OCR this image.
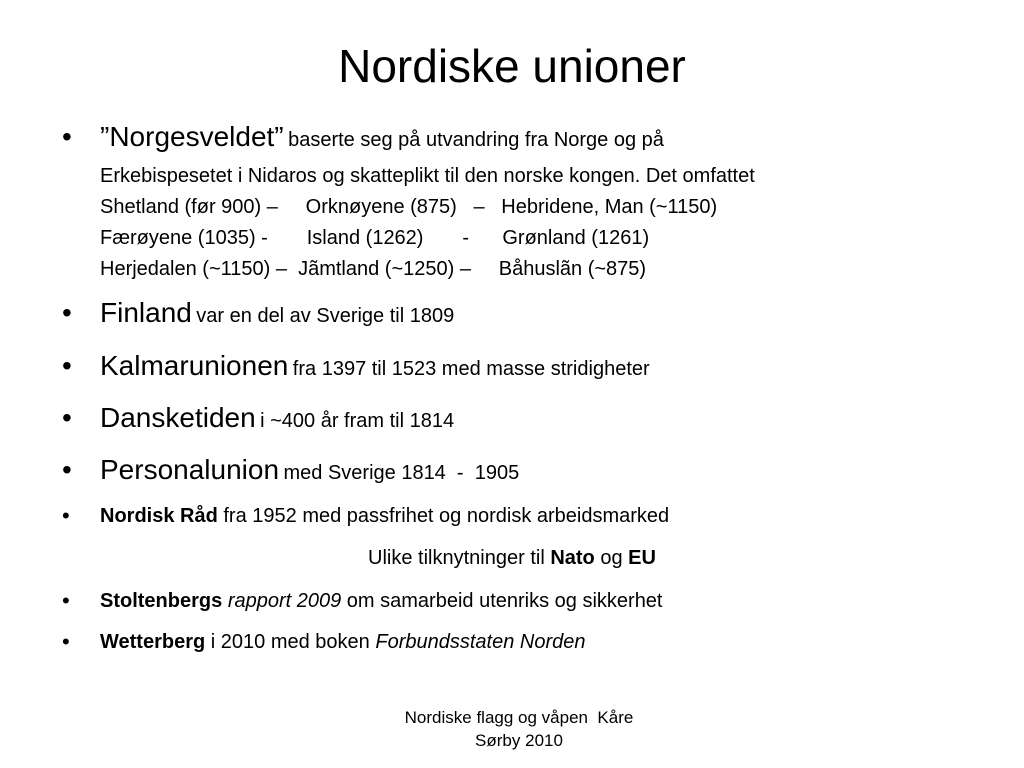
Nordiske unioner
•	”Norgesveldet” baserte seg på utvandring fra Norge og på
Erkebispesetet i Nidaros og skatteplikt til den norske kongen. Det omfattet
Shetland (før 900) –     Orknøyene (875)   –   Hebridene, Man (~1150)
Færøyene (1035) -       Island (1262)       -      Grønland (1261)
Herjedalen (~1150) –  Jãmtland (~1250) –     Båhuslãn (~875)
•	Finland var en del av Sverige til 1809
•	Kalmarunionen fra 1397 til 1523 med masse stridigheter
•	Dansketiden i ~400 år fram til 1814
•	Personalunion med Sverige 1814  -  1905
•	Nordisk Råd fra 1952 med passfrihet og nordisk arbeidsmarked
Ulike tilknytninger til Nato og EU
•	Stoltenbergs rapport 2009 om samarbeid utenriks og sikkerhet
•	Wetterberg i 2010 med boken Forbundsstaten Norden
Nordiske flagg og våpen  Kåre
Sørby 2010
